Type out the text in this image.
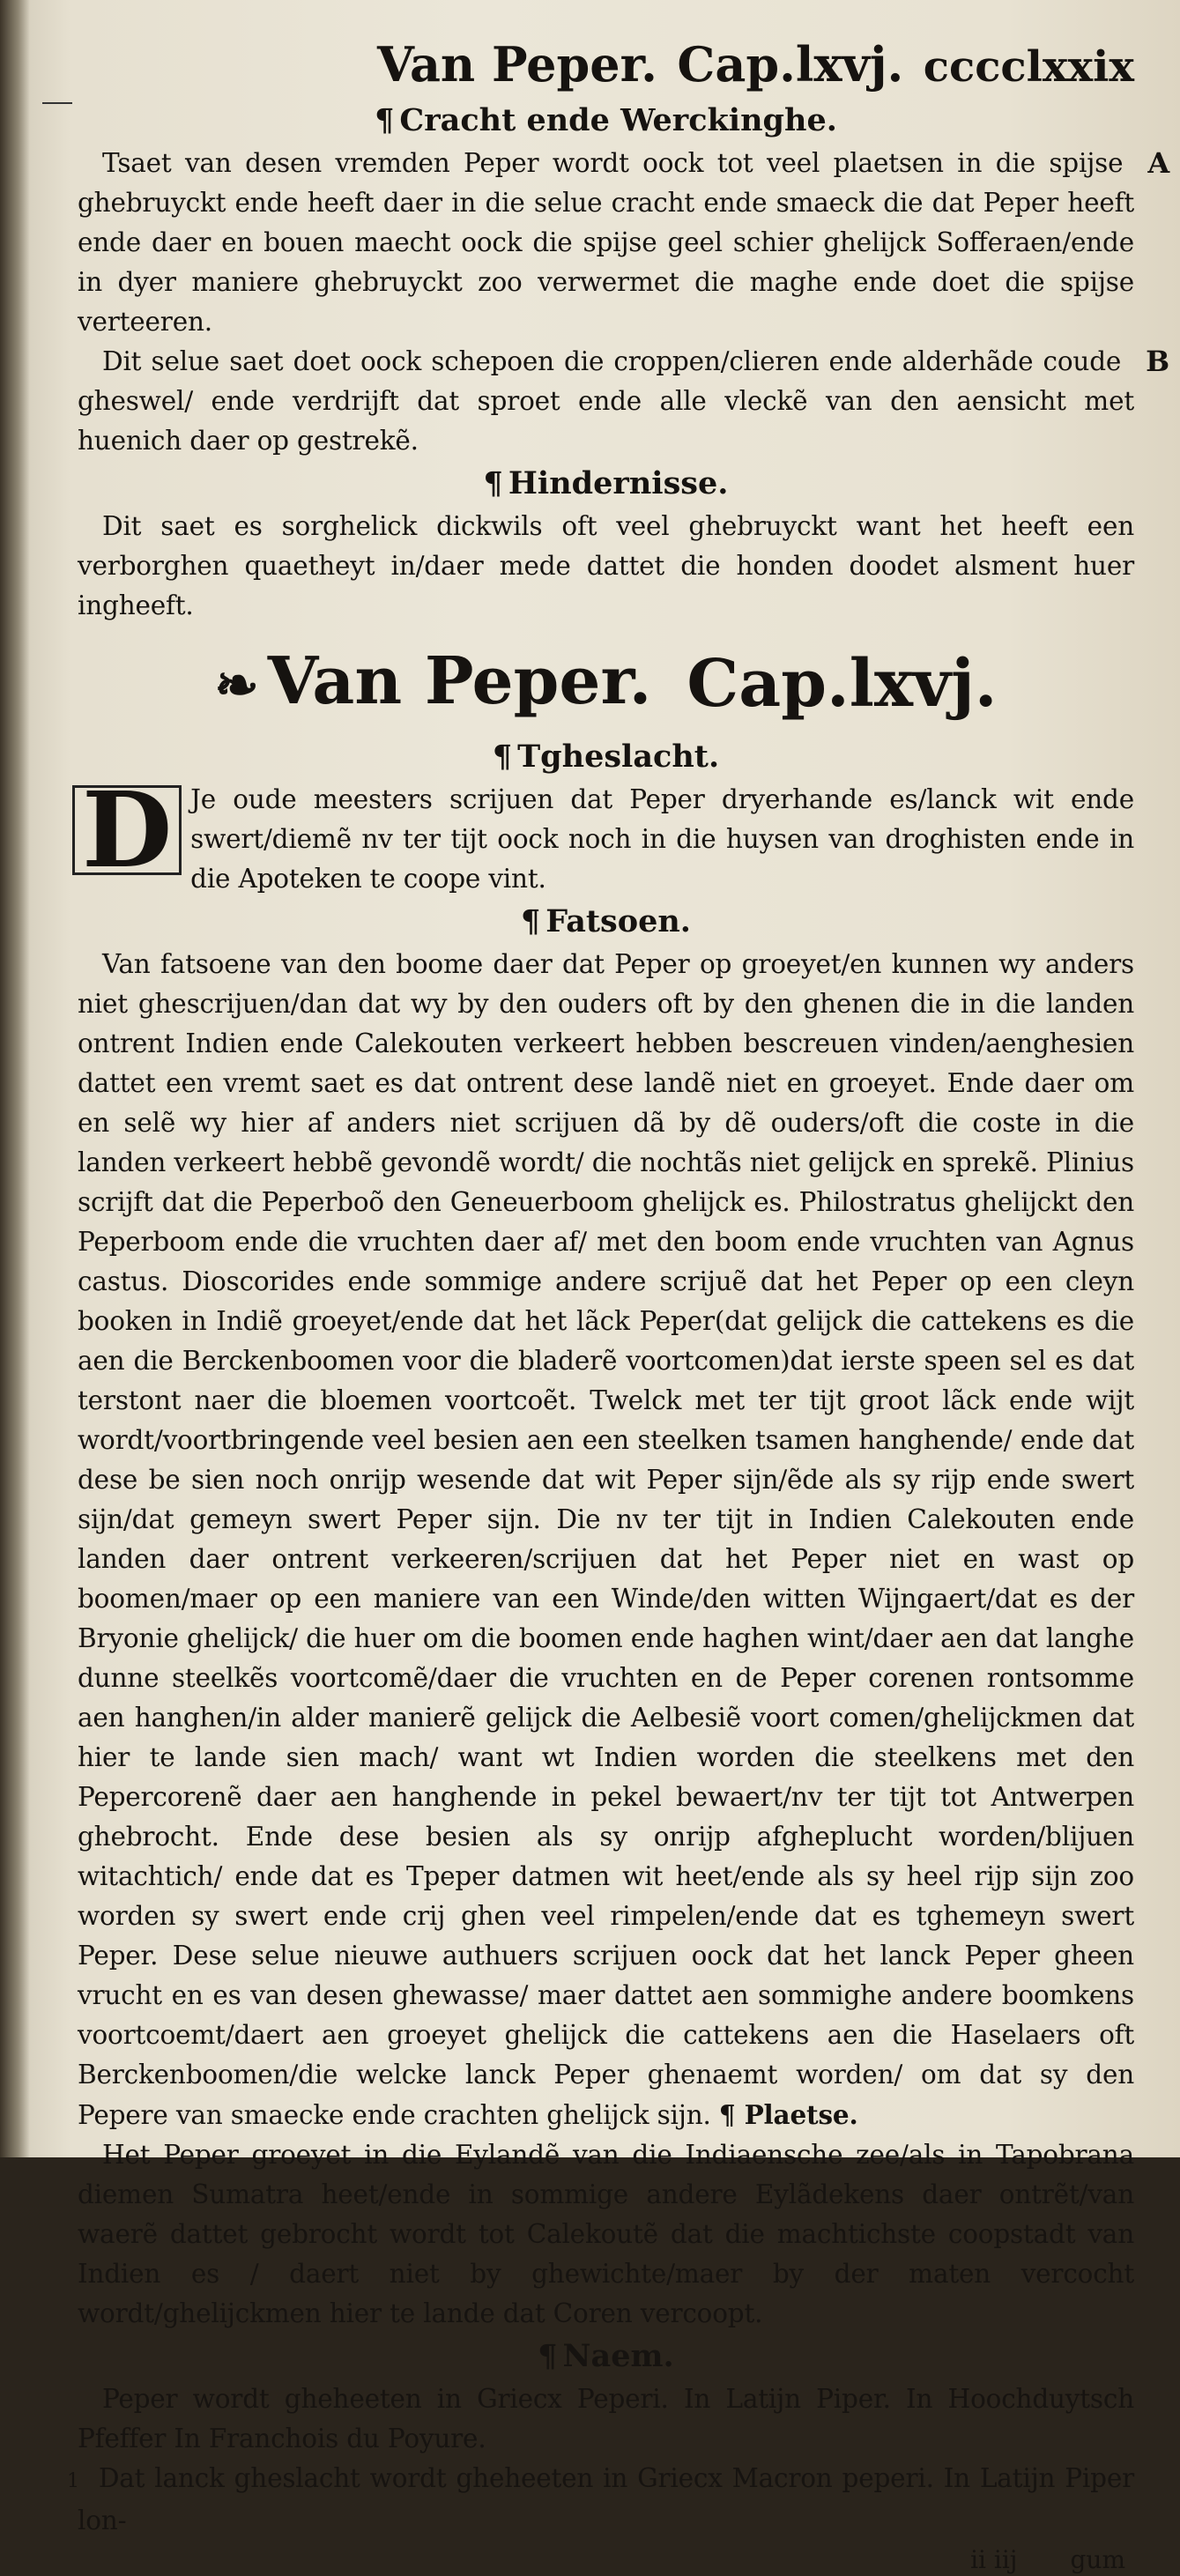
Van Peper. Cap.lxvj. cccclxxix
¶ Cracht ende Werckinghe.

A
Tsaet van desen vremden Peper wordt oock tot veel plaetsen in die spijse ghebruyckt ende heeft daer in die selue cracht ende smaeck die dat Peper heeft ende daer en bouen maecht oock die spijse geel schier ghelijck Soﬀeraen/ende in dyer maniere ghebruyckt zoo verwermet die maghe ende doet die spijse verteeren.

B
Dit selue saet doet oock schepoen die croppen/clieren ende alderhãde coude gheswel/ ende verdrijft dat sproet ende alle vleckẽ van den aensicht met huenich daer op gestrekẽ.

¶ Hindernisse.

Dit saet es sorghelick dickwils oft veel ghebruyckt want het heeft een verborghen quaetheyt in/daer mede dattet die honden doodet alsment huer ingheeft.

❧ Van Peper. Cap.lxvj.
¶ Tgheslacht.

D Je oude meesters scrijuen dat Peper dryerhande es/lanck wit ende swert/diemẽ nv ter tijt oock noch in die huysen van droghisten ende in die Apoteken te coope vint.

¶ Fatsoen.

Van fatsoene van den boome daer dat Peper op groeyet/en kunnen wy anders niet ghescrijuen/dan dat wy by den ouders oft by den ghenen die in die landen ontrent Indien ende Calekouten verkeert hebben bescreuen vinden/aenghesien dattet een vremt saet es dat ontrent dese landẽ niet en groeyet. Ende daer om en selẽ wy hier af anders niet scrijuen dã by dẽ ouders/oft die coste in die landen verkeert hebbẽ gevondẽ wordt/ die nochtãs niet gelijck en sprekẽ. Plinius scrijft dat die Peperboõ den Geneuerboom ghelijck es. Philostratus ghelijckt den Peperboom ende die vruchten daer af/ met den boom ende vruchten van Agnus castus. Dioscorides ende sommige andere scrijuẽ dat het Peper op een cleyn booken in Indiẽ groeyet/ende dat het lãck Peper(dat gelijck die cattekens es die aen die Berckenboomen voor die bladerẽ voortcomen)dat ierste speen sel es dat terstont naer die bloemen voortcoẽt. Twelck met ter tijt groot lãck ende wijt wordt/voortbringende veel besien aen een steelken tsamen hanghende/ ende dat dese be sien noch onrijp wesende dat wit Peper sijn/ẽde als sy rijp ende swert sijn/dat gemeyn swert Peper sijn. Die nv ter tijt in Indien Calekouten ende landen daer ontrent verkeeren/scrijuen dat het Peper niet en wast op boomen/maer op een maniere van een Winde/den witten Wijngaert/dat es der Bryonie ghelijck/ die huer om die boomen ende haghen wint/daer aen dat langhe dunne steelkẽs voortcomẽ/daer die vruchten en de Peper corenen rontsomme aen hanghen/in alder manierẽ gelijck die Aelbesiẽ voort comen/ghelijckmen dat hier te lande sien mach/ want wt Indien worden die steelkens met den Pepercorenẽ daer aen hanghende in pekel bewaert/nv ter tijt tot Antwerpen ghebrocht. Ende dese besien als sy onrijp afgheplucht worden/blijuen witachtich/ ende dat es Tpeper datmen wit heet/ende als sy heel rijp sijn zoo worden sy swert ende crij ghen veel rimpelen/ende dat es tghemeyn swert Peper. Dese selue nieuwe authuers scrijuen oock dat het lanck Peper gheen vrucht en es van desen ghewasse/ maer dattet aen sommighe andere boomkens voortcoemt/daert aen groeyet ghelijck die cattekens aen die Haselaers oft Berckenboomen/die welcke lanck Peper ghenaemt worden/ om dat sy den Pepere van smaecke ende crachten ghelijck sijn. ¶ Plaetse.

Het Peper groeyet in die Eylandẽ van die Indiaensche zee/als in Tapobrana diemen Sumatra heet/ende in sommige andere Eylãdekens daer ontrẽt/van waerẽ dattet gebrocht wordt tot Calekoutẽ dat die machtichste coopstadt van Indien es / daert niet by ghewichte/maer by der maten vercocht wordt/ghelijckmen hier te lande dat Coren vercoopt.

¶ Naem.

Peper wordt gheheeten in Griecx Peperi. In Latijn Piper. In Hoochduytsch Pfeffer In Franchois du Poyure.

1 Dat lanck gheslacht wordt gheheeten in Griecx Macron peperi. In Latijn Piper lon-

ii iij gum
